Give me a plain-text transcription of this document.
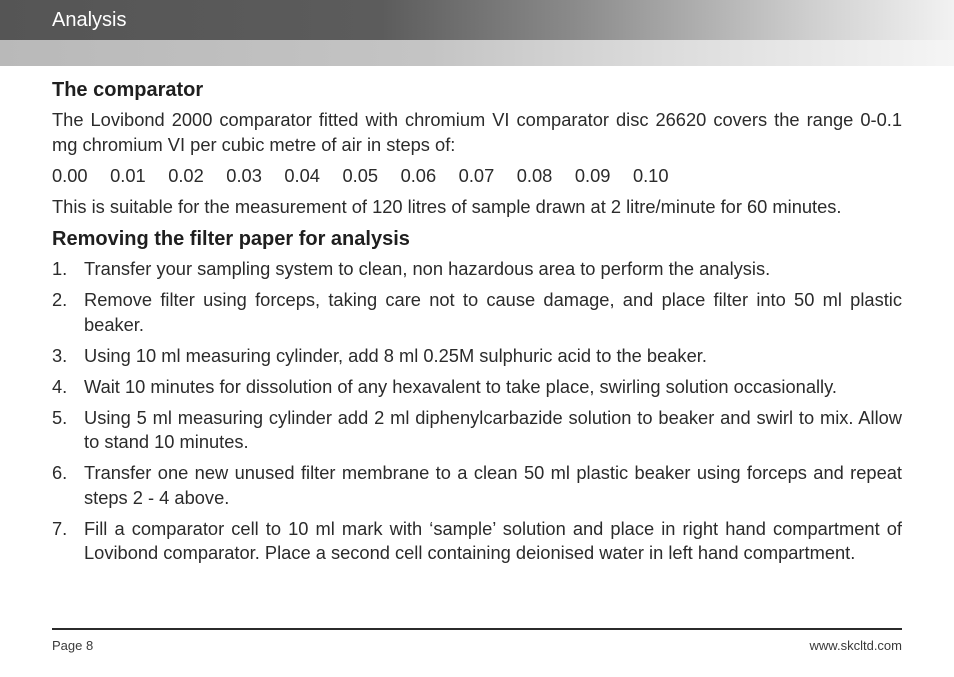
Analysis
The comparator

The Lovibond 2000 comparator fitted with chromium VI comparator disc 26620 covers the range 0-0.1 mg chromium VI per cubic metre of air in steps of:

0.00 0.01 0.02 0.03 0.04 0.05 0.06 0.07 0.08 0.09 0.10

This is suitable for the measurement of 120 litres of sample drawn at 2 litre/minute for 60 minutes.

Removing the filter paper for analysis
1. Transfer your sampling system to clean, non hazardous area to perform the analysis.
2. Remove filter using forceps, taking care not to cause damage, and place filter into 50 ml plastic beaker.
3. Using 10 ml measuring cylinder, add 8 ml 0.25M sulphuric acid to the beaker.
4. Wait 10 minutes for dissolution of any hexavalent to take place, swirling solution occasionally.
5. Using 5 ml measuring cylinder add 2 ml diphenylcarbazide solution to beaker and swirl to mix. Allow to stand 10 minutes.
6. Transfer one new unused filter membrane to a clean 50 ml plastic beaker using forceps and repeat steps 2 - 4 above.
7. Fill a comparator cell to 10 ml mark with ‘sample’ solution and place in right hand compartment of Lovibond comparator. Place a second cell containing deionised water in left hand compartment.
Page 8	www.skcltd.com
